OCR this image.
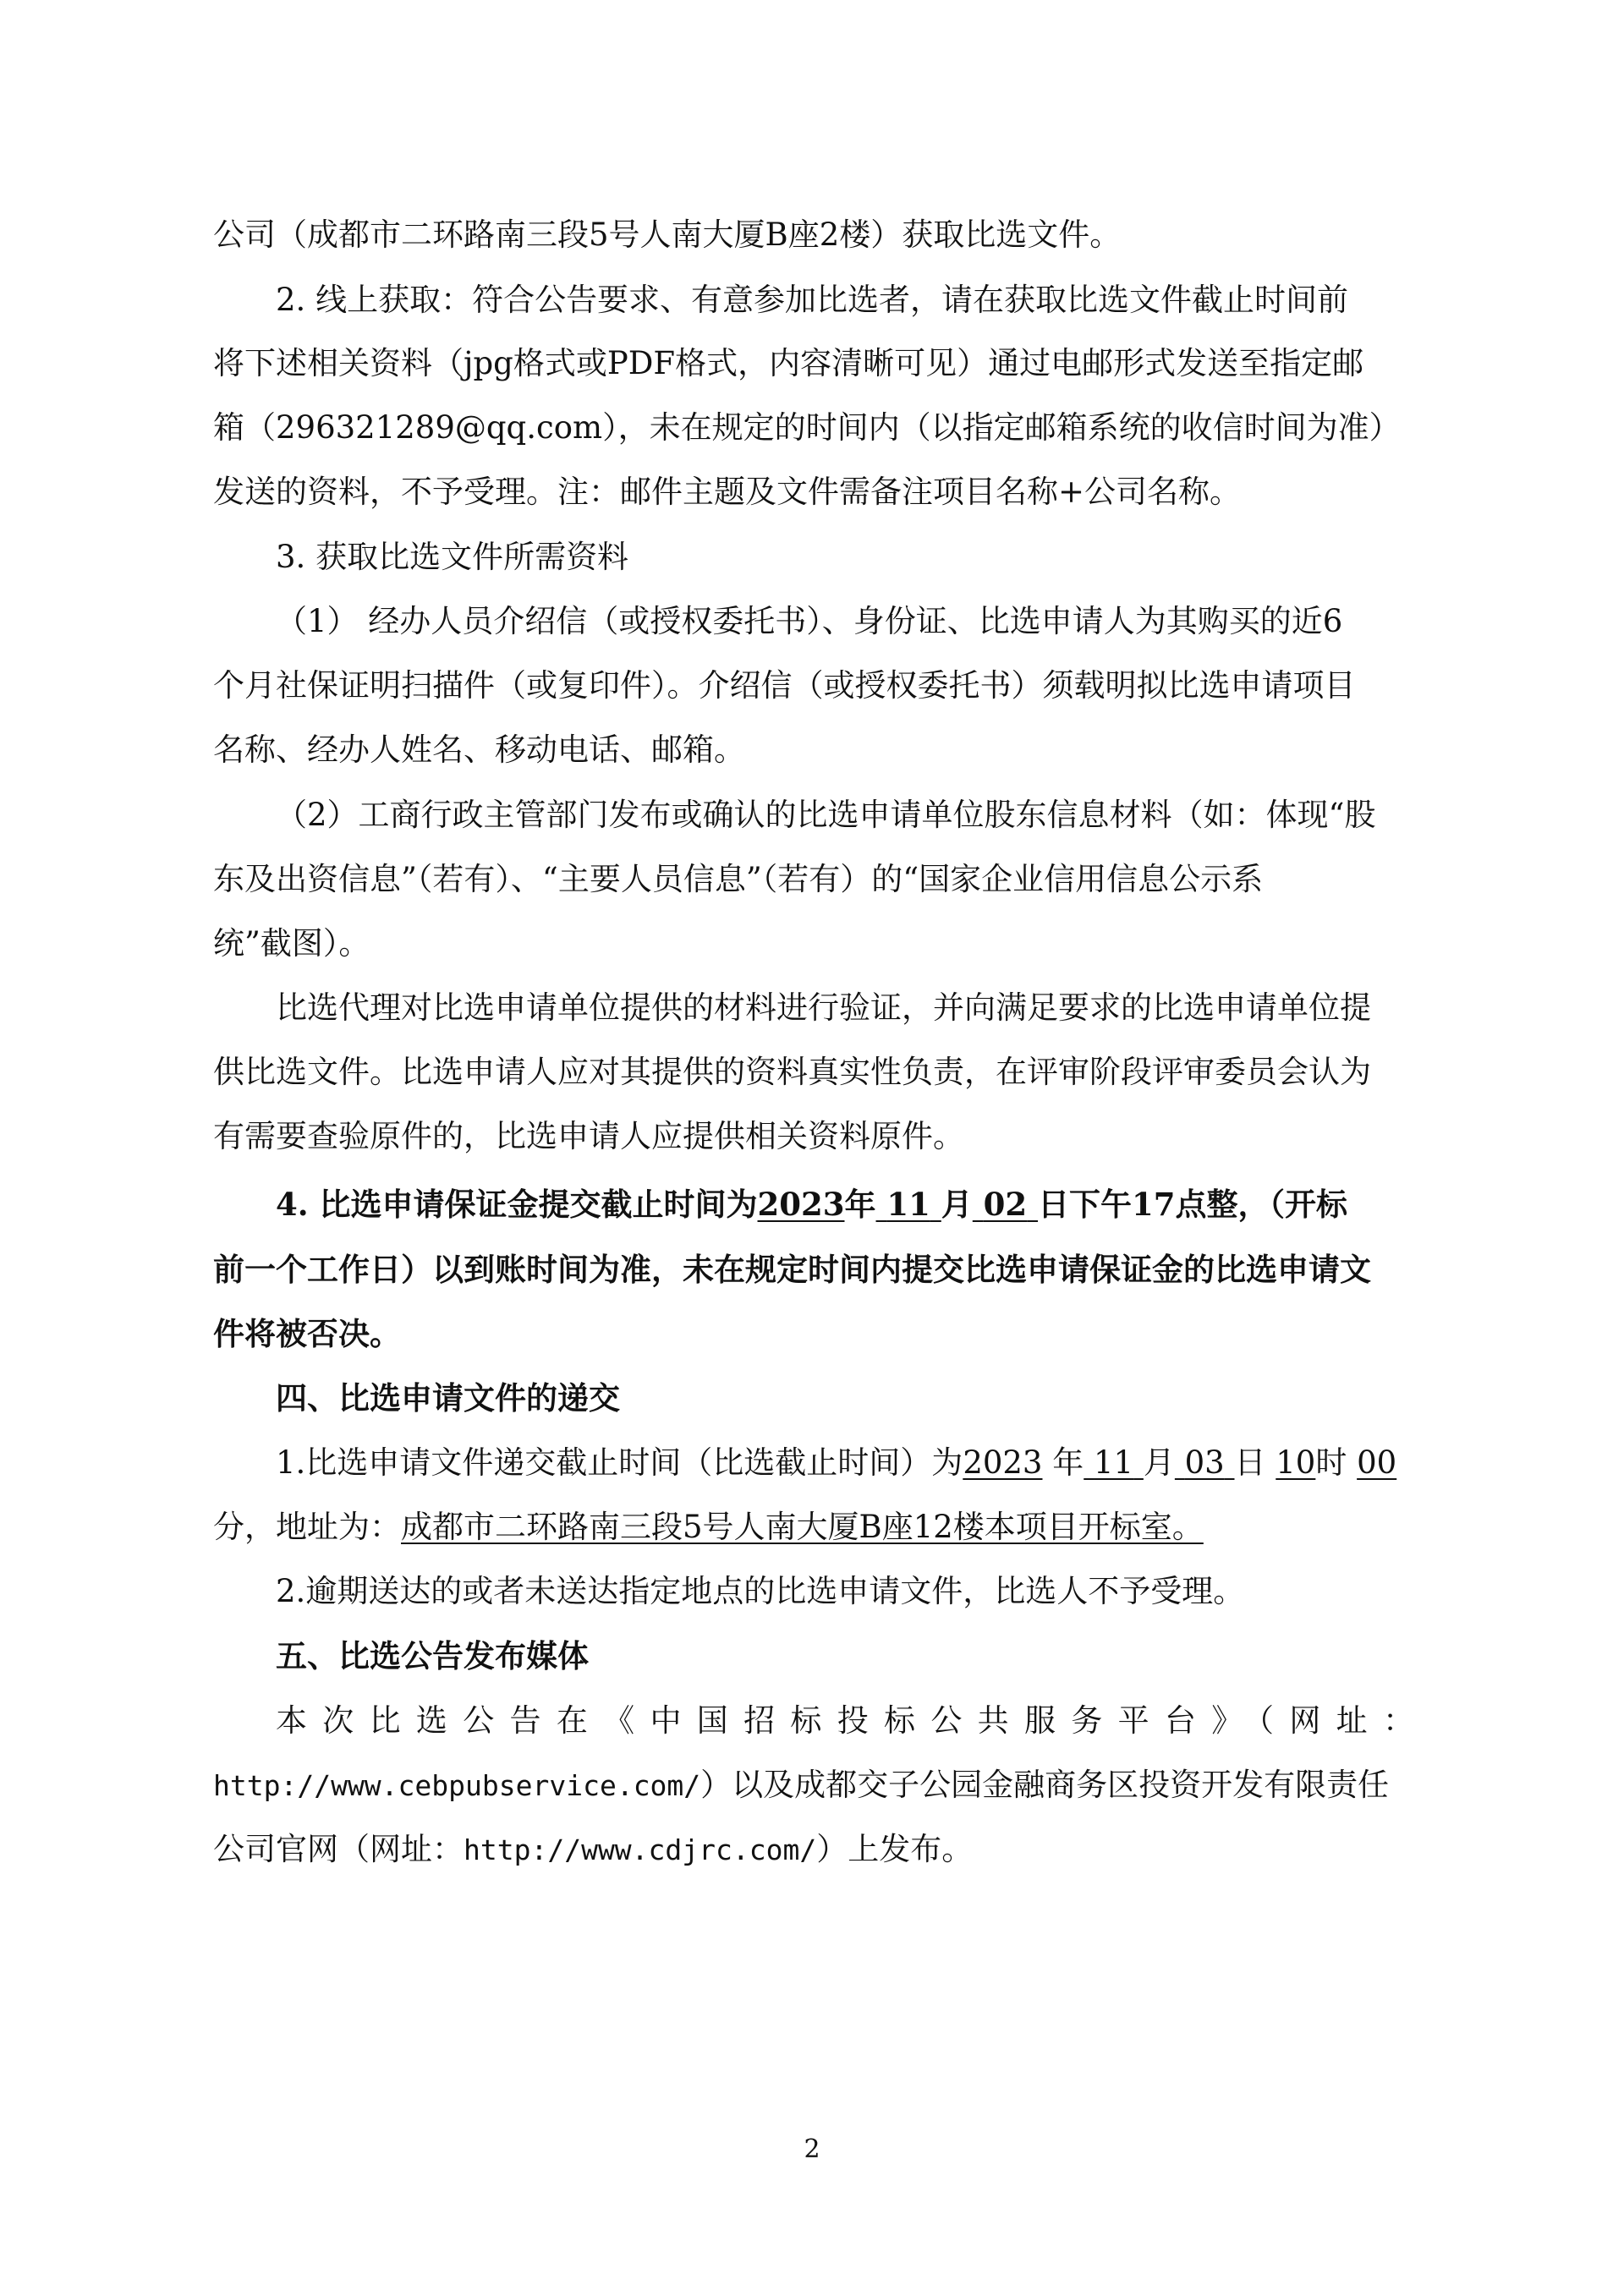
公司（成都市二环路南三段5号人南大厦B座2楼）获取比选文件。
2. 线上获取：符合公告要求、有意参加比选者，请在获取比选文件截止时间前
将下述相关资料（jpg格式或PDF格式，内容清晰可见）通过电邮形式发送至指定邮
箱（296321289@qq.com），未在规定的时间内（以指定邮箱系统的收信时间为准）
发送的资料，不予受理。注：邮件主题及文件需备注项目名称+公司名称。
3. 获取比选文件所需资料
（1） 经办人员介绍信（或授权委托书）、身份证、比选申请人为其购买的近6
个月社保证明扫描件（或复印件）。介绍信（或授权委托书）须载明拟比选申请项目
名称、经办人姓名、移动电话、邮箱。
（2）工商行政主管部门发布或确认的比选申请单位股东信息材料（如：体现“股
东及出资信息”（若有）、“主要人员信息”（若有）的“国家企业信用信息公示系
统”截图）。
比选代理对比选申请单位提供的材料进行验证，并向满足要求的比选申请单位提
供比选文件。比选申请人应对其提供的资料真实性负责，在评审阶段评审委员会认为
有需要查验原件的，比选申请人应提供相关资料原件。
4. 比选申请保证金提交截止时间为2023年 11 月 02 日下午17点整，（开标
前一个工作日）以到账时间为准，未在规定时间内提交比选申请保证金的比选申请文
件将被否决。
四、比选申请文件的递交
1.比选申请文件递交截止时间（比选截止时间）为2023 年 11 月 03 日 10时 00
分，地址为：成都市二环路南三段5号人南大厦B座12楼本项目开标室。
2.逾期送达的或者未送达指定地点的比选申请文件，比选人不予受理。
五、比选公告发布媒体
本次比选公告在《中国招标投标公共服务平台》（网址：
http://www.cebpubservice.com/）以及成都交子公园金融商务区投资开发有限责任
公司官网（网址：http://www.cdjrc.com/）上发布。
2
